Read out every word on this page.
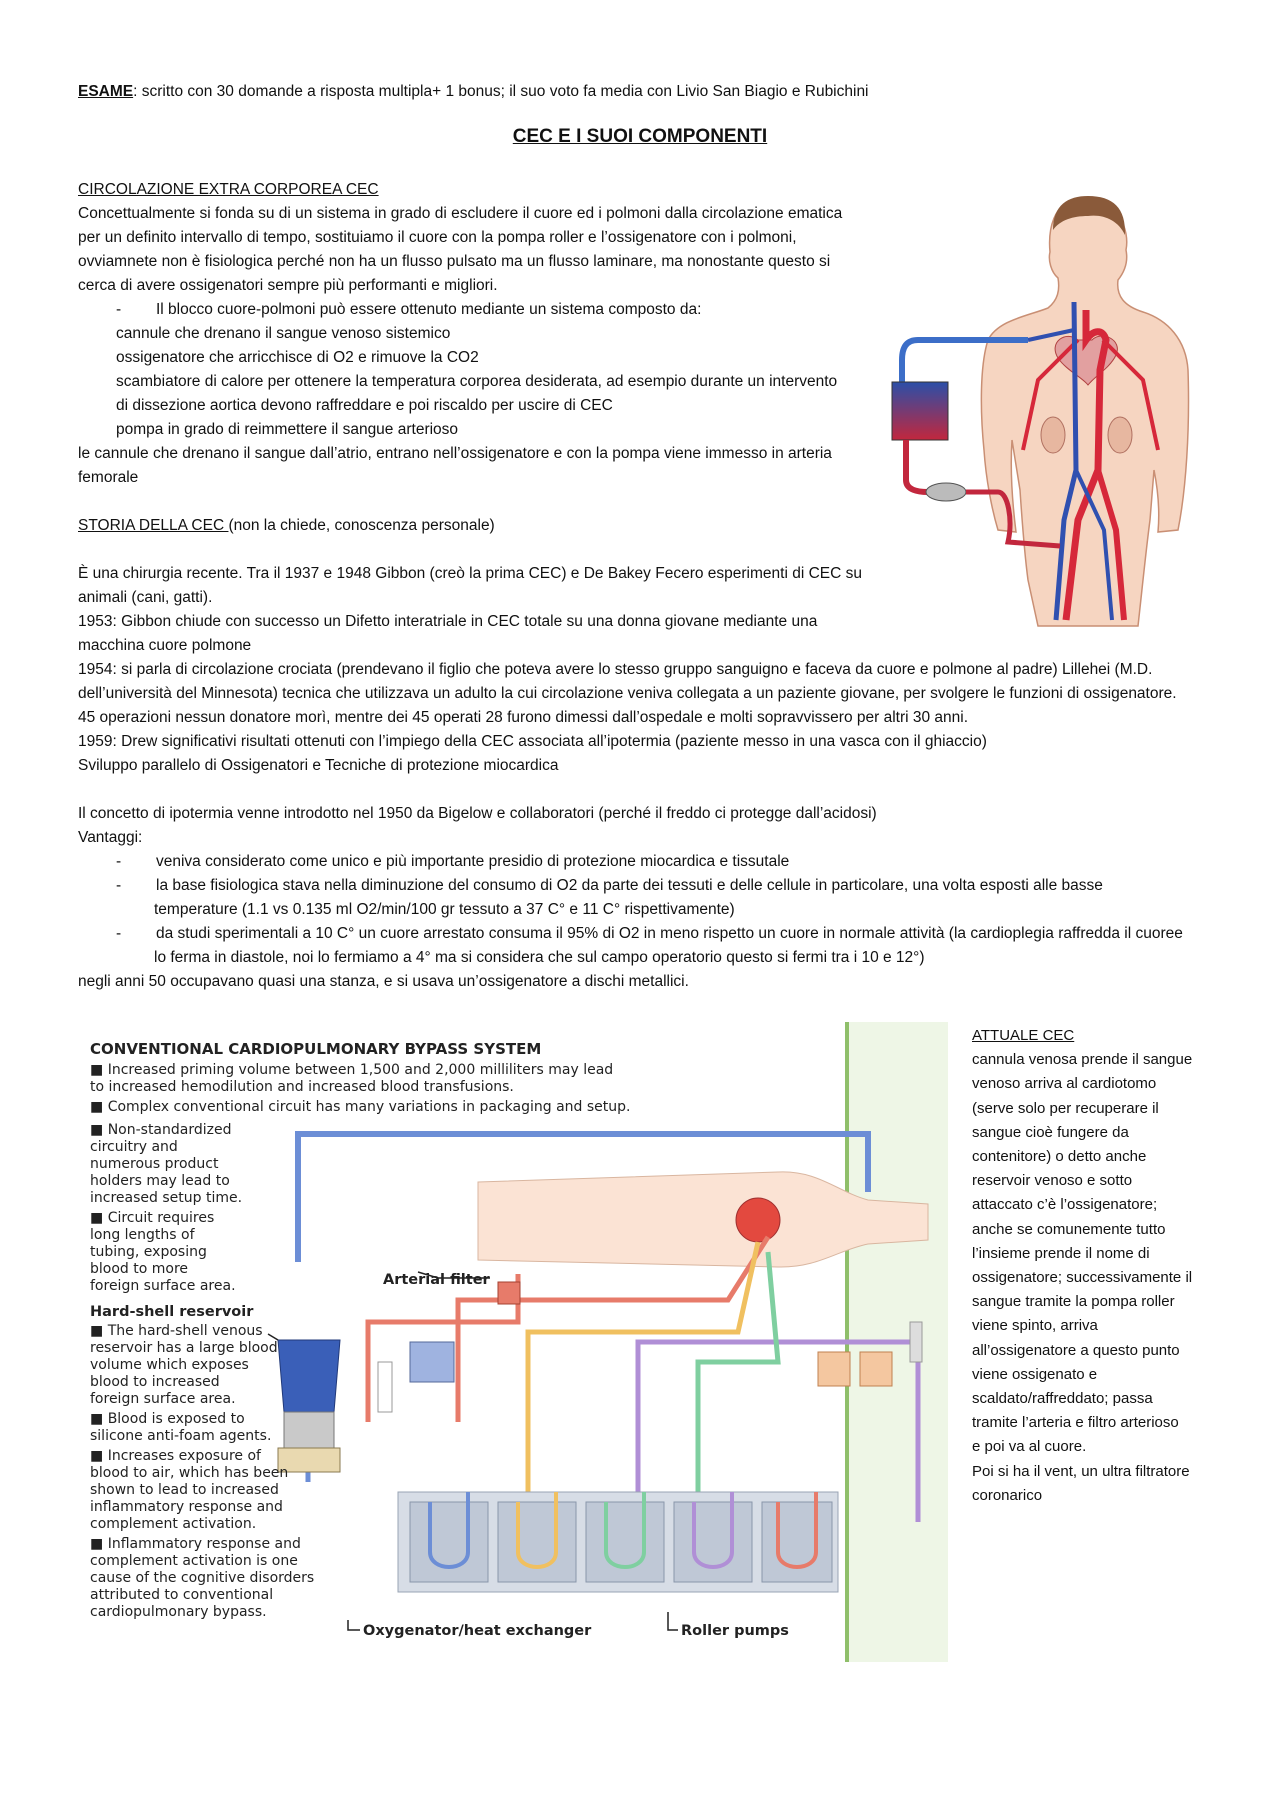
ESAME: scritto con 30 domande a risposta multipla+ 1 bonus; il suo voto fa media con Livio San Biagio e Rubichini
CEC E I SUOI COMPONENTI
CIRCOLAZIONE EXTRA CORPOREA CEC
Concettualmente si fonda su di un sistema in grado di escludere il cuore ed i polmoni dalla circolazione ematica
per un definito intervallo di tempo, sostituiamo il cuore con la pompa roller e l’ossigenatore con i polmoni,
ovviamnete non è fisiologica perché non ha un flusso pulsato ma un flusso laminare, ma nonostante questo si
cerca di avere ossigenatori sempre più performanti e migliori.
- Il blocco cuore-polmoni può essere ottenuto mediante un sistema composto da:
cannule che drenano il sangue venoso sistemico
ossigenatore che arricchisce di O2 e rimuove la CO2
scambiatore di calore per ottenere la temperatura corporea desiderata, ad esempio durante un intervento
di dissezione aortica devono raffreddare e poi riscaldo per uscire di CEC
pompa in grado di reimmettere il sangue arterioso
le cannule che drenano il sangue dall’atrio, entrano nell’ossigenatore e con la pompa viene immesso in arteria
femorale
STORIA DELLA CEC (non la chiede, conoscenza personale)
È una chirurgia recente. Tra il 1937 e 1948 Gibbon (creò la prima CEC) e De Bakey Fecero esperimenti di CEC su
animali (cani, gatti).
1953: Gibbon chiude con successo un Difetto interatriale in CEC totale su una donna giovane mediante una
macchina cuore polmone
1954: si parla di circolazione crociata (prendevano il figlio che poteva avere lo stesso gruppo sanguigno e faceva da cuore e polmone al padre) Lillehei (M.D.
dell’università del Minnesota) tecnica che utilizzava un adulto la cui circolazione veniva collegata a un paziente giovane, per svolgere le funzioni di ossigenatore.
45 operazioni nessun donatore morì, mentre dei 45 operati 28 furono dimessi dall’ospedale e molti sopravvissero per altri 30 anni.
1959: Drew significativi risultati ottenuti con l’impiego della CEC associata all’ipotermia (paziente messo in una vasca con il ghiaccio)
Sviluppo parallelo di Ossigenatori e Tecniche di protezione miocardica
Il concetto di ipotermia venne introdotto nel 1950 da Bigelow e collaboratori (perché il freddo ci protegge dall’acidosi)
Vantaggi:
- veniva considerato come unico e più importante presidio di protezione miocardica e tissutale
- la base fisiologica stava nella diminuzione del consumo di O2 da parte dei tessuti e delle cellule in particolare, una volta esposti alle basse
temperature (1.1 vs 0.135 ml O2/min/100 gr tessuto a 37 C° e 11 C° rispettivamente)
- da studi sperimentali a 10 C° un cuore arrestato consuma il 95% di O2 in meno rispetto un cuore in normale attività (la cardioplegia raffredda il cuoree
lo ferma in diastole, noi lo fermiamo a 4° ma si considera che sul campo operatorio questo si fermi tra i 10 e 12°)
negli anni 50 occupavano quasi una stanza, e si usava un’ossigenatore a dischi metallici.
CONVENTIONAL CARDIOPULMONARY BYPASS SYSTEM
■ Increased priming volume between 1,500 and 2,000 milliliters may lead
to increased hemodilution and increased blood transfusions.
■ Complex conventional circuit has many variations in packaging and setup.
■ Non-standardized
circuitry and
numerous product
holders may lead to
increased setup time.
■ Circuit requires
long lengths of
tubing, exposing
blood to more
foreign surface area.
Hard-shell reservoir
■ The hard-shell venous
reservoir has a large blood
volume which exposes
blood to increased
foreign surface area.
■ Blood is exposed to
silicone anti-foam agents.
■ Increases exposure of
blood to air, which has been
shown to lead to increased
inflammatory response and
complement activation.
■ Inflammatory response and
complement activation is one
cause of the cognitive disorders
attributed to conventional
cardiopulmonary bypass.
Arterial filter
Oxygenator/heat exchanger	Roller pumps
ATTUALE CEC
cannula venosa prende il sangue
venoso arriva al cardiotomo
(serve solo per recuperare il
sangue cioè fungere da
contenitore) o detto anche
reservoir venoso e sotto
attaccato c’è l’ossigenatore;
anche se comunemente tutto
l’insieme prende il nome di
ossigenatore; successivamente il
sangue tramite la pompa roller
viene spinto, arriva
all’ossigenatore a questo punto
viene ossigenato e
scaldato/raffreddato; passa
tramite l’arteria e filtro arterioso
e poi va al cuore.
Poi si ha il vent, un ultra filtratore
coronarico
